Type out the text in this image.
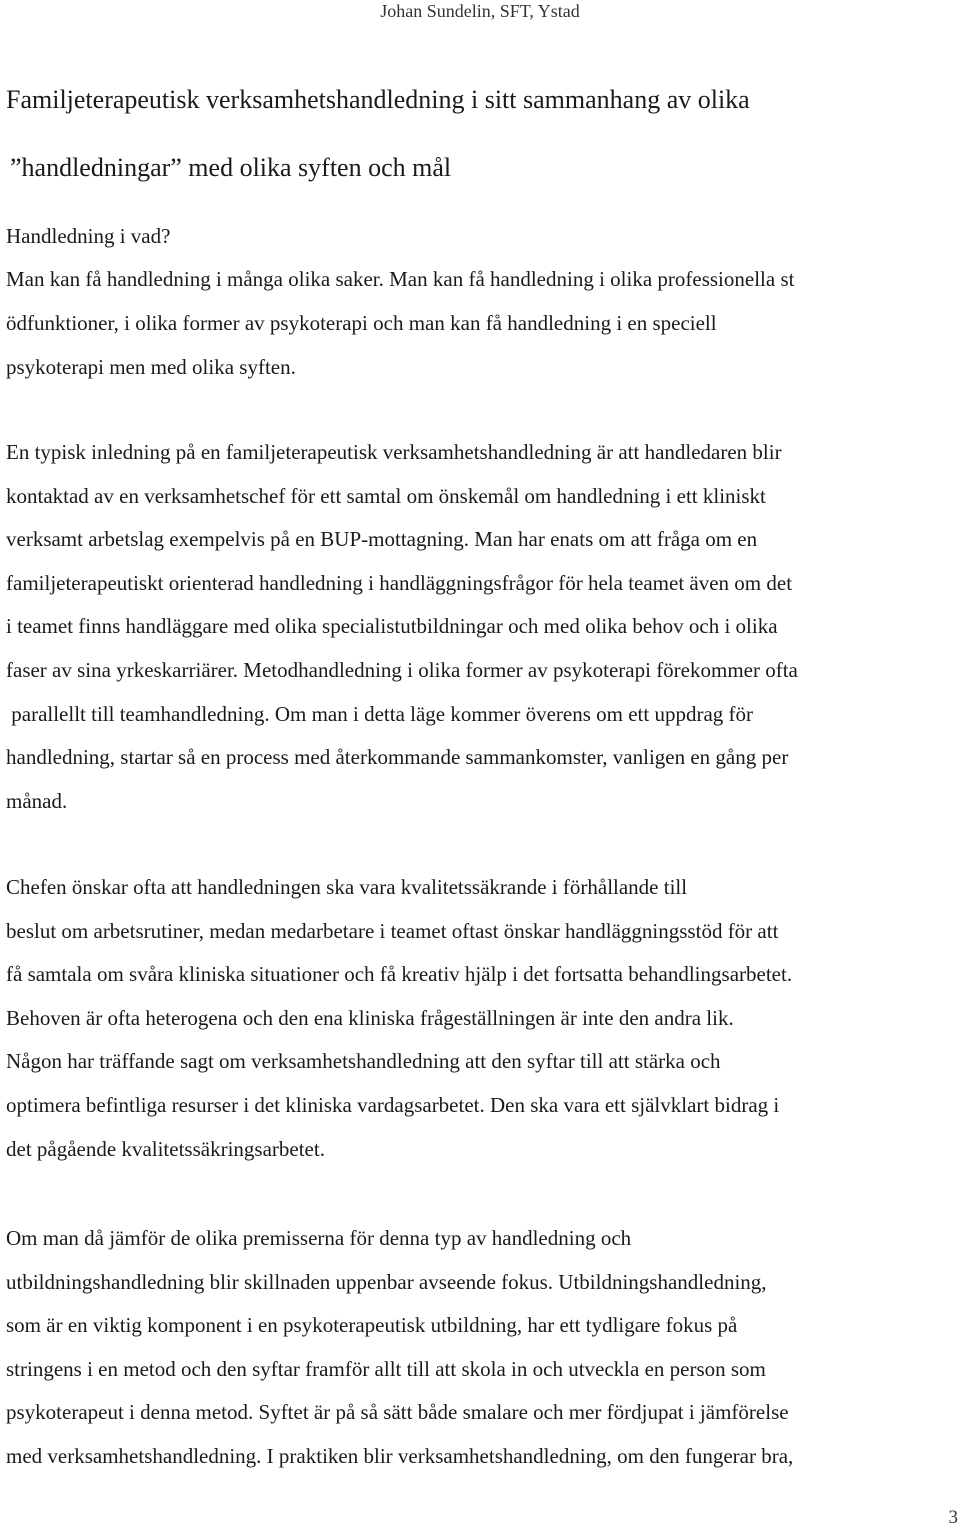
Johan Sundelin, SFT, Ystad
Familjeterapeutisk verksamhetshandledning i sitt sammanhang av olika
”handledningar” med olika syften och mål
Handledning i vad?
Man kan få handledning i många olika saker. Man kan få handledning i olika professionella st
ödfunktioner, i olika former av psykoterapi och man kan få handledning i en speciell
psykoterapi men med olika syften.
En typisk inledning på en familjeterapeutisk verksamhetshandledning är att handledaren blir
kontaktad av en verksamhetschef för ett samtal om önskemål om handledning i ett kliniskt
verksamt arbetslag exempelvis på en BUP-mottagning. Man har enats om att fråga om en
familjeterapeutiskt orienterad handledning i handläggningsfrågor för hela teamet även om det
i teamet finns handläggare med olika specialistutbildningar och med olika behov och i olika
faser av sina yrkeskarriärer. Metodhandledning i olika former av psykoterapi förekommer ofta
parallellt till teamhandledning. Om man i detta läge kommer överens om ett uppdrag för
handledning, startar så en process med återkommande sammankomster, vanligen en gång per
månad.
Chefen önskar ofta att handledningen ska vara kvalitetssäkrande i förhållande till
beslut om arbetsrutiner, medan medarbetare i teamet oftast önskar handläggningsstöd för att
få samtala om svåra kliniska situationer och få kreativ hjälp i det fortsatta behandlingsarbetet.
Behoven är ofta heterogena och den ena kliniska frågeställningen är inte den andra lik.
Någon har träffande sagt om verksamhetshandledning att den syftar till att stärka och
optimera befintliga resurser i det kliniska vardagsarbetet. Den ska vara ett självklart bidrag i
det pågående kvalitetssäkringsarbetet.
Om man då jämför de olika premisserna för denna typ av handledning och
utbildningshandledning blir skillnaden uppenbar avseende fokus. Utbildningshandledning,
som är en viktig komponent i en psykoterapeutisk utbildning, har ett tydligare fokus på
stringens i en metod och den syftar framför allt till att skola in och utveckla en person som
psykoterapeut i denna metod. Syftet är på så sätt både smalare och mer fördjupat i jämförelse
med verksamhetshandledning. I praktiken blir verksamhetshandledning, om den fungerar bra,
3
